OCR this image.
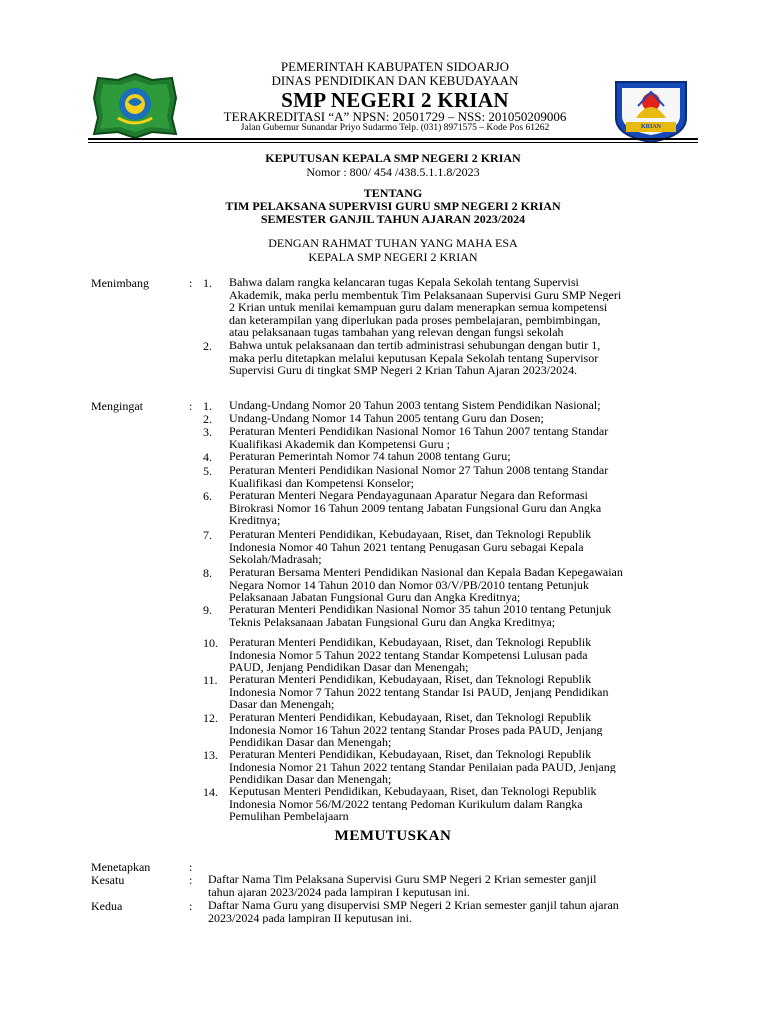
KRIAN
PEMERINTAH KABUPATEN SIDOARJO
DINAS PENDIDIKAN DAN KEBUDAYAAN
SMP NEGERI 2 KRIAN
TERAKREDITASI “A” NPSN: 20501729 – NSS: 201050209006
Jalan Gubernur Sunandar Priyo Sudarmo Telp. (031) 8971575 – Kode Pos 61262
KEPUTUSAN KEPALA SMP NEGERI 2 KRIAN
Nomor : 800/ 454 /438.5.1.1.8/2023
TENTANG
TIM PELAKSANA SUPERVISI GURU SMP NEGERI 2 KRIAN
SEMESTER GANJIL TAHUN AJARAN 2023/2024
DENGAN RAHMAT TUHAN YANG MAHA ESA
KEPALA SMP NEGERI 2 KRIAN
Menimbang	: 1. Bahwa dalam rangka kelancaran tugas Kepala Sekolah tentang Supervisi
Akademik, maka perlu membentuk Tim Pelaksanaan Supervisi Guru SMP Negeri
2 Krian untuk menilai kemampuan guru dalam menerapkan semua kompetensi
dan keterampilan yang diperlukan pada proses pembelajaran, pembimbingan,
atau pelaksanaan tugas tambahan yang relevan dengan fungsi sekolah
2. Bahwa untuk pelaksanaan dan tertib administrasi sehubungan dengan butir 1,
maka perlu ditetapkan melalui keputusan Kepala Sekolah tentang Supervisor
Supervisi Guru di tingkat SMP Negeri 2 Krian Tahun Ajaran 2023/2024.
Mengingat	: 1. Undang-Undang Nomor 20 Tahun 2003 tentang Sistem Pendidikan Nasional;
2. Undang-Undang Nomor 14 Tahun 2005 tentang Guru dan Dosen;
3. Peraturan Menteri Pendidikan Nasional Nomor 16 Tahun 2007 tentang Standar
Kualifikasi Akademik dan Kompetensi Guru ;
4. Peraturan Pemerintah Nomor 74 tahun 2008 tentang Guru;
5. Peraturan Menteri Pendidikan Nasional Nomor 27 Tahun 2008 tentang Standar
Kualifikasi dan Kompetensi Konselor;
6. Peraturan Menteri Negara Pendayagunaan Aparatur Negara dan Reformasi
Birokrasi Nomor 16 Tahun 2009 tentang Jabatan Fungsional Guru dan Angka
Kreditnya;
7. Peraturan Menteri Pendidikan, Kebudayaan, Riset, dan Teknologi Republik
Indonesia Nomor 40 Tahun 2021 tentang Penugasan Guru sebagai Kepala
Sekolah/Madrasah;
8. Peraturan Bersama Menteri Pendidikan Nasional dan Kepala Badan Kepegawaian
Negara Nomor 14 Tahun 2010 dan Nomor 03/V/PB/2010 tentang Petunjuk
Pelaksanaan Jabatan Fungsional Guru dan Angka Kreditnya;
9. Peraturan Menteri Pendidikan Nasional Nomor 35 tahun 2010 tentang Petunjuk
Teknis Pelaksanaan Jabatan Fungsional Guru dan Angka Kreditnya;
10. Peraturan Menteri Pendidikan, Kebudayaan, Riset, dan Teknologi Republik
Indonesia Nomor 5 Tahun 2022 tentang Standar Kompetensi Lulusan pada
PAUD, Jenjang Pendidikan Dasar dan Menengah;
11. Peraturan Menteri Pendidikan, Kebudayaan, Riset, dan Teknologi Republik
Indonesia Nomor 7 Tahun 2022 tentang Standar Isi PAUD, Jenjang Pendidikan
Dasar dan Menengah;
12. Peraturan Menteri Pendidikan, Kebudayaan, Riset, dan Teknologi Republik
Indonesia Nomor 16 Tahun 2022 tentang Standar Proses pada PAUD, Jenjang
Pendidikan Dasar dan Menengah;
13. Peraturan Menteri Pendidikan, Kebudayaan, Riset, dan Teknologi Republik
Indonesia Nomor 21 Tahun 2022 tentang Standar Penilaian pada PAUD, Jenjang
Pendidikan Dasar dan Menengah;
14. Keputusan Menteri Pendidikan, Kebudayaan, Riset, dan Teknologi Republik
Indonesia Nomor 56/M/2022 tentang Pedoman Kurikulum dalam Rangka
Pemulihan Pembelajaarn
MEMUTUSKAN
Menetapkan	:
Kesatu	: Daftar Nama Tim Pelaksana Supervisi Guru SMP Negeri 2 Krian semester ganjil
tahun ajaran 2023/2024 pada lampiran I keputusan ini.
Kedua	: Daftar Nama Guru yang disupervisi SMP Negeri 2 Krian semester ganjil tahun ajaran
2023/2024 pada lampiran II keputusan ini.
